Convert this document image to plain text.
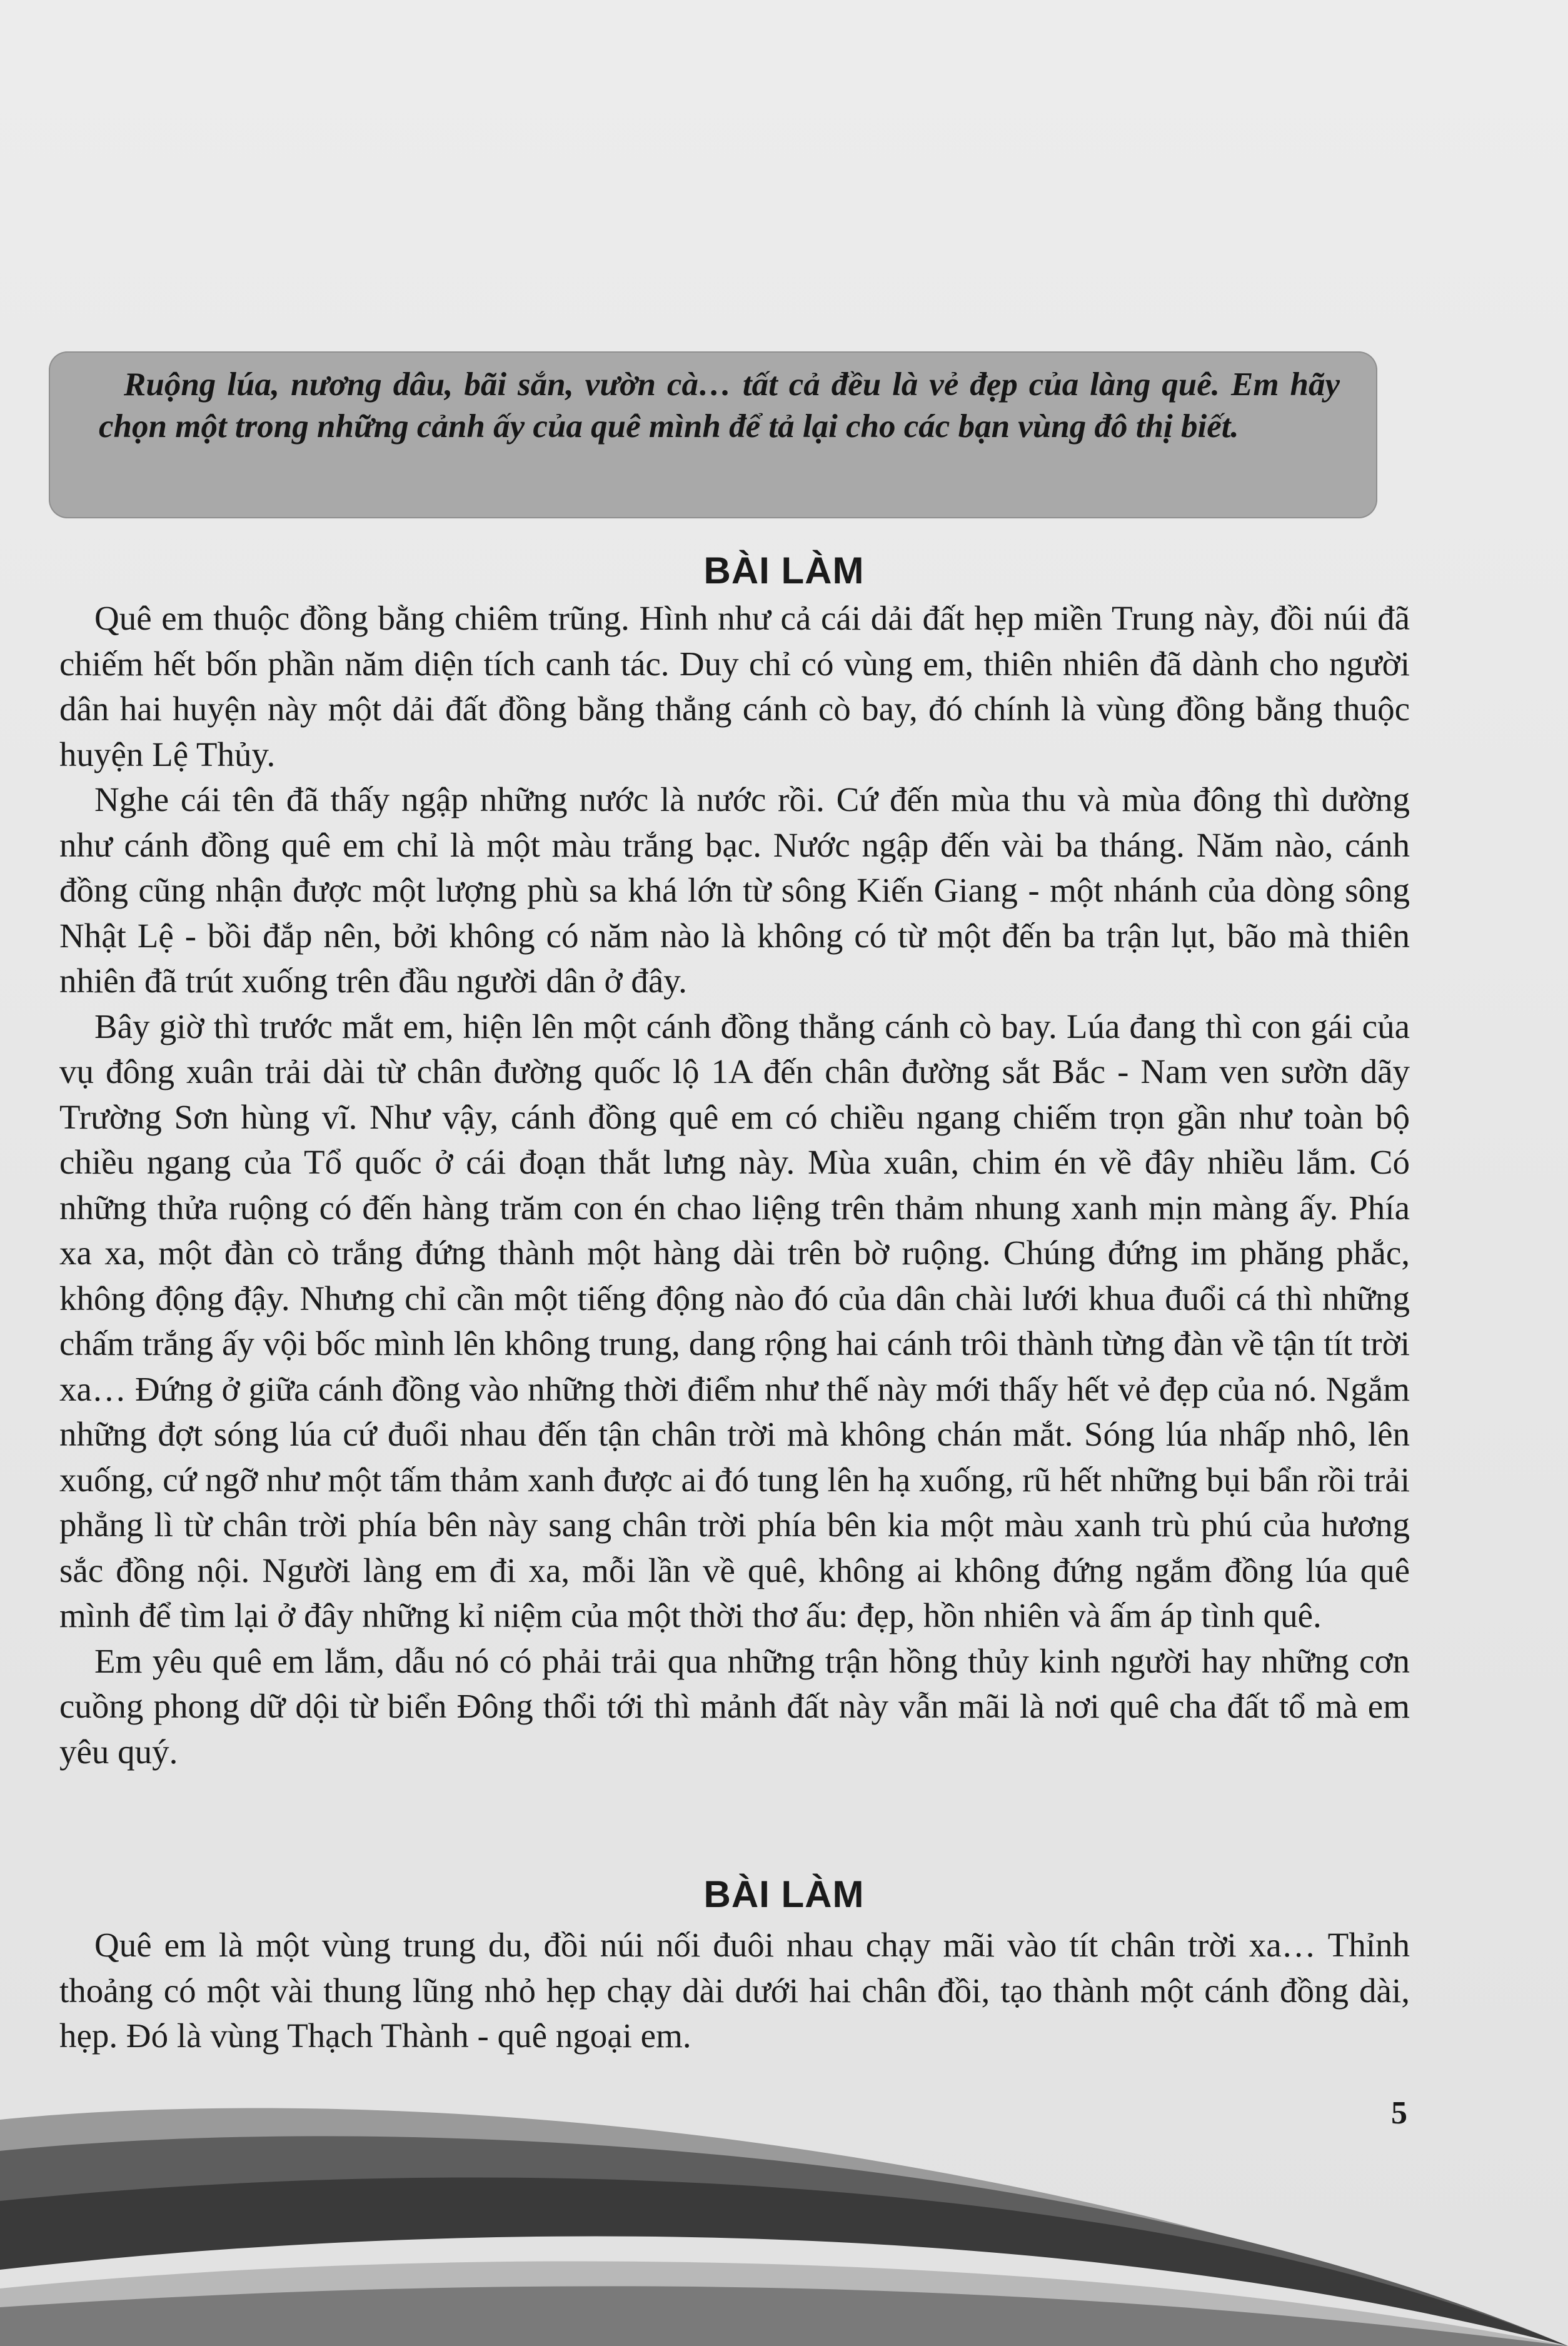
Ruộng lúa, nương dâu, bãi sắn, vườn cà… tất cả đều là vẻ đẹp của làng quê. Em hãy chọn một trong những cảnh ấy của quê mình để tả lại cho các bạn vùng đô thị biết.

BÀI LÀM

Quê em thuộc đồng bằng chiêm trũng. Hình như cả cái dải đất hẹp miền Trung này, đồi núi đã chiếm hết bốn phần năm diện tích canh tác. Duy chỉ có vùng em, thiên nhiên đã dành cho người dân hai huyện này một dải đất đồng bằng thẳng cánh cò bay, đó chính là vùng đồng bằng thuộc huyện Lệ Thủy.

Nghe cái tên đã thấy ngập những nước là nước rồi. Cứ đến mùa thu và mùa đông thì dường như cánh đồng quê em chỉ là một màu trắng bạc. Nước ngập đến vài ba tháng. Năm nào, cánh đồng cũng nhận được một lượng phù sa khá lớn từ sông Kiến Giang - một nhánh của dòng sông Nhật Lệ - bồi đắp nên, bởi không có năm nào là không có từ một đến ba trận lụt, bão mà thiên nhiên đã trút xuống trên đầu người dân ở đây.

Bây giờ thì trước mắt em, hiện lên một cánh đồng thẳng cánh cò bay. Lúa đang thì con gái của vụ đông xuân trải dài từ chân đường quốc lộ 1A đến chân đường sắt Bắc - Nam ven sườn dãy Trường Sơn hùng vĩ. Như vậy, cánh đồng quê em có chiều ngang chiếm trọn gần như toàn bộ chiều ngang của Tổ quốc ở cái đoạn thắt lưng này. Mùa xuân, chim én về đây nhiều lắm. Có những thửa ruộng có đến hàng trăm con én chao liệng trên thảm nhung xanh mịn màng ấy. Phía xa xa, một đàn cò trắng đứng thành một hàng dài trên bờ ruộng. Chúng đứng im phăng phắc, không động đậy. Nhưng chỉ cần một tiếng động nào đó của dân chài lưới khua đuổi cá thì những chấm trắng ấy vội bốc mình lên không trung, dang rộng hai cánh trôi thành từng đàn về tận tít trời xa… Đứng ở giữa cánh đồng vào những thời điểm như thế này mới thấy hết vẻ đẹp của nó. Ngắm những đợt sóng lúa cứ đuổi nhau đến tận chân trời mà không chán mắt. Sóng lúa nhấp nhô, lên xuống, cứ ngỡ như một tấm thảm xanh được ai đó tung lên hạ xuống, rũ hết những bụi bẩn rồi trải phẳng lì từ chân trời phía bên này sang chân trời phía bên kia một màu xanh trù phú của hương sắc đồng nội. Người làng em đi xa, mỗi lần về quê, không ai không đứng ngắm đồng lúa quê mình để tìm lại ở đây những kỉ niệm của một thời thơ ấu: đẹp, hồn nhiên và ấm áp tình quê.

Em yêu quê em lắm, dẫu nó có phải trải qua những trận hồng thủy kinh người hay những cơn cuồng phong dữ dội từ biển Đông thổi tới thì mảnh đất này vẫn mãi là nơi quê cha đất tổ mà em yêu quý.

BÀI LÀM

Quê em là một vùng trung du, đồi núi nối đuôi nhau chạy mãi vào tít chân trời xa… Thỉnh thoảng có một vài thung lũng nhỏ hẹp chạy dài dưới hai chân đồi, tạo thành một cánh đồng dài, hẹp. Đó là vùng Thạch Thành - quê ngoại em.

5
